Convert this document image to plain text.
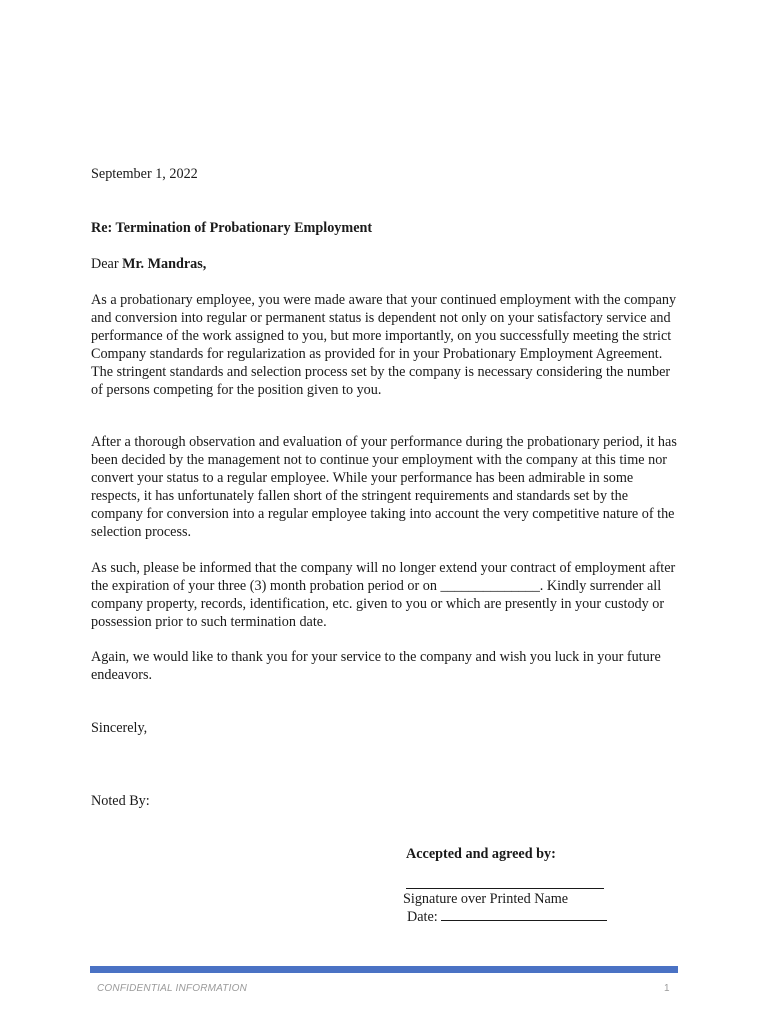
September 1, 2022
Re: Termination of Probationary Employment
Dear Mr. Mandras,
As a probationary employee, you were made aware that your continued employment with the company and conversion into regular or permanent status is dependent not only on your satisfactory service and performance of the work assigned to you, but more importantly, on you successfully meeting the strict Company standards for regularization as provided for in your Probationary Employment Agreement. The stringent standards and selection process set by the company is necessary considering the number of persons competing for the position given to you.
After a thorough observation and evaluation of your performance during the probationary period, it has been decided by the management not to continue your employment with the company at this time nor convert your status to a regular employee. While your performance has been admirable in some respects, it has unfortunately fallen short of the stringent requirements and standards set by the company for conversion into a regular employee taking into account the very competitive nature of the selection process.
As such, please be informed that the company will no longer extend your contract of employment after the expiration of your three (3) month probation period or on ______________. Kindly surrender all company property, records, identification, etc. given to you or which are presently in your custody or possession prior to such termination date.
Again, we would like to thank you for your service to the company and wish you luck in your future endeavors.
Sincerely,
Noted By:
Accepted and agreed by:
Signature over Printed Name
Date:
CONFIDENTIAL INFORMATION	1
